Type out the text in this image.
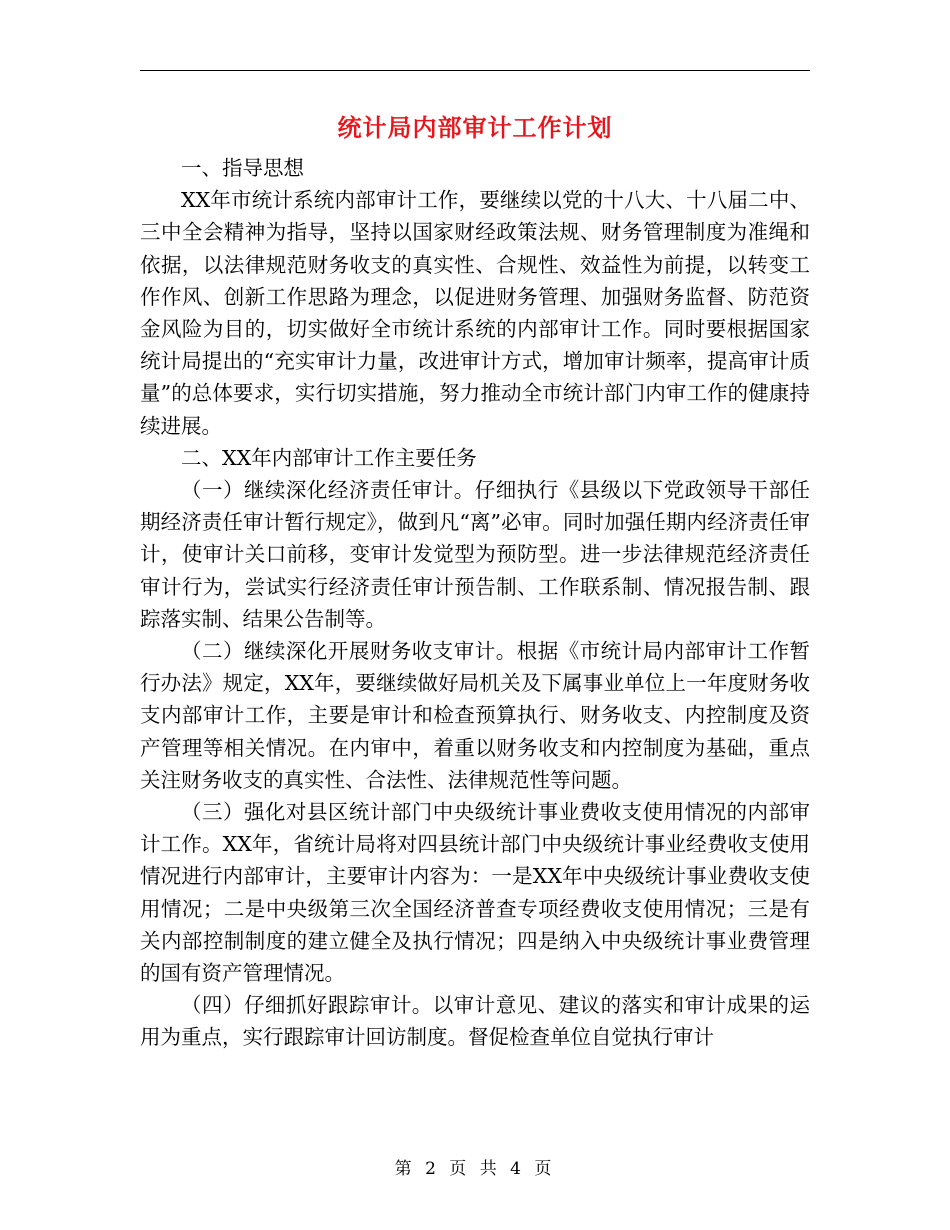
统计局内部审计工作计划

一、指导思想

XX年市统计系统内部审计工作，要继续以党的十八大、十八届二中、三中全会精神为指导，坚持以国家财经政策法规、财务管理制度为准绳和依据，以法律规范财务收支的真实性、合规性、效益性为前提，以转变工作作风、创新工作思路为理念，以促进财务管理、加强财务监督、防范资金风险为目的，切实做好全市统计系统的内部审计工作。同时要根据国家统计局提出的“充实审计力量，改进审计方式，增加审计频率，提高审计质量”的总体要求，实行切实措施，努力推动全市统计部门内审工作的健康持续进展。

二、XX年内部审计工作主要任务

（一）继续深化经济责任审计。仔细执行《县级以下党政领导干部任期经济责任审计暂行规定》，做到凡“离”必审。同时加强任期内经济责任审计，使审计关口前移，变审计发觉型为预防型。进一步法律规范经济责任审计行为，尝试实行经济责任审计预告制、工作联系制、情况报告制、跟踪落实制、结果公告制等。

（二）继续深化开展财务收支审计。根据《市统计局内部审计工作暂行办法》规定，XX年，要继续做好局机关及下属事业单位上一年度财务收支内部审计工作，主要是审计和检查预算执行、财务收支、内控制度及资产管理等相关情况。在内审中，着重以财务收支和内控制度为基础，重点关注财务收支的真实性、合法性、法律规范性等问题。

（三）强化对县区统计部门中央级统计事业费收支使用情况的内部审计工作。XX年，省统计局将对四县统计部门中央级统计事业经费收支使用情况进行内部审计，主要审计内容为：一是XX年中央级统计事业费收支使用情况；二是中央级第三次全国经济普查专项经费收支使用情况；三是有关内部控制制度的建立健全及执行情况；四是纳入中央级统计事业费管理的国有资产管理情况。

（四）仔细抓好跟踪审计。以审计意见、建议的落实和审计成果的运用为重点，实行跟踪审计回访制度。督促检查单位自觉执行审计

第 2 页 共 4 页
